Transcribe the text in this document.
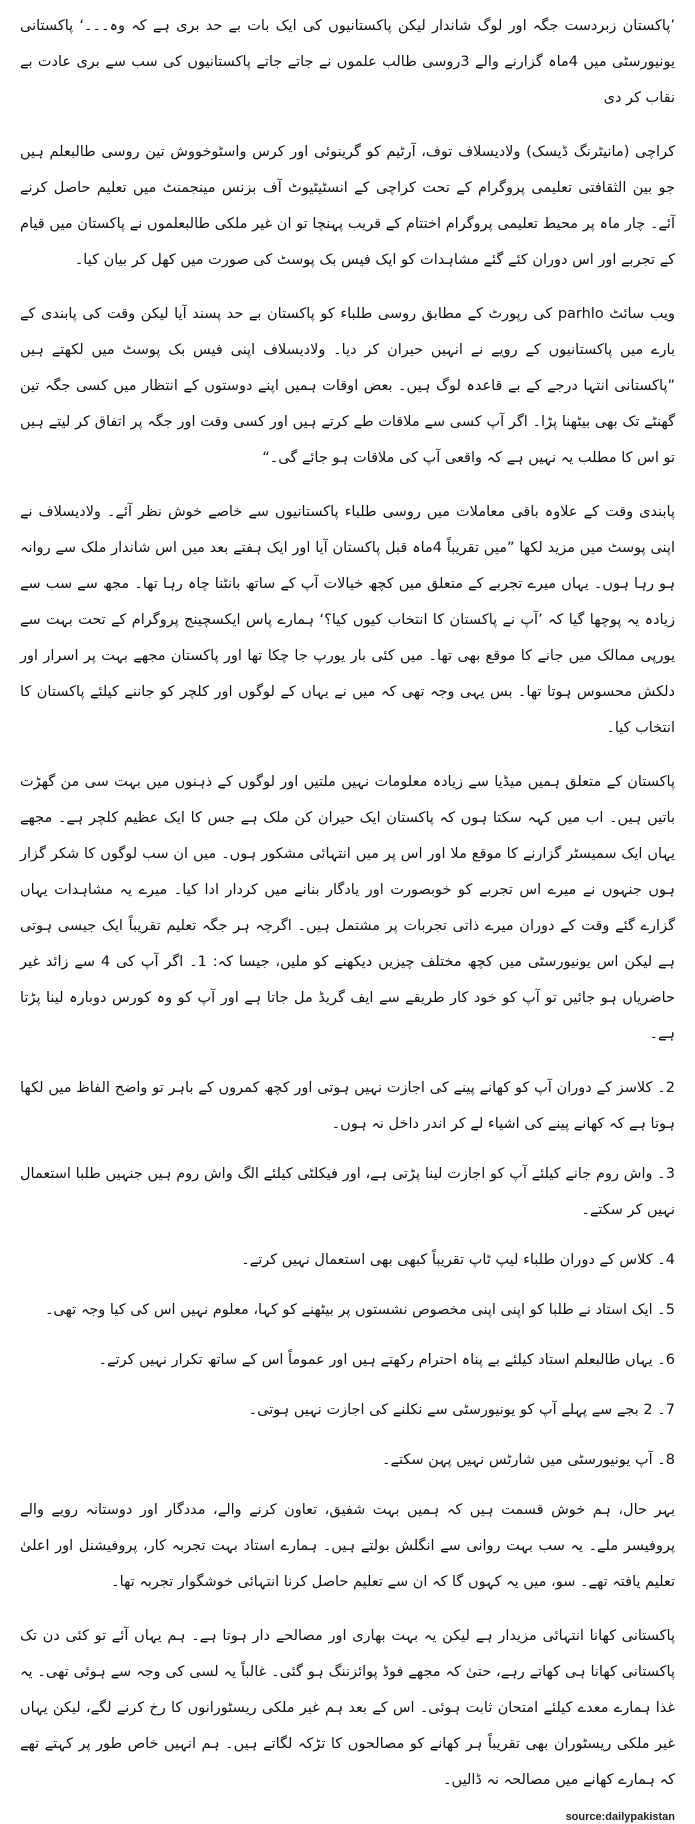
’پاکستان زبردست جگہ اور لوگ شاندار لیکن پاکستانیوں کی ایک بات بے حد بری ہے کہ وہ۔۔۔‘ پاکستانی یونیورسٹی میں 4ماہ گزارنے والے 3روسی طالب علموں نے جاتے جاتے پاکستانیوں کی سب سے بری عادت بے نقاب کر دی

کراچی (مانیٹرنگ ڈیسک) ولادیسلاف توف، آرٹیم کو گرینوئی اور کرس واسٹوخووش تین روسی طالبعلم ہیں جو بین الثقافتی تعلیمی پروگرام کے تحت کراچی کے انسٹیٹیوٹ آف بزنس مینجمنٹ میں تعلیم حاصل کرنے آئے۔ چار ماہ پر محیط تعلیمی پروگرام اختتام کے قریب پہنچا تو ان غیر ملکی طالبعلموں نے پاکستان میں قیام کے تجربے اور اس دوران کئے گئے مشاہدات کو ایک فیس بک پوسٹ کی صورت میں کھل کر بیان کیا۔

ویب سائٹ parhlo کی رپورٹ کے مطابق روسی طلباء کو پاکستان بے حد پسند آیا لیکن وقت کی پابندی کے بارے میں پاکستانیوں کے رویے نے انہیں حیران کر دیا۔ ولادیسلاف اپنی فیس بک پوسٹ میں لکھتے ہیں ”پاکستانی انتہا درجے کے بے قاعدہ لوگ ہیں۔ بعض اوقات ہمیں اپنے دوستوں کے انتظار میں کسی جگہ تین گھنٹے تک بھی بیٹھنا پڑا۔ اگر آپ کسی سے ملاقات طے کرتے ہیں اور کسی وقت اور جگہ پر اتفاق کر لیتے ہیں تو اس کا مطلب یہ نہیں ہے کہ واقعی آپ کی ملاقات ہو جائے گی۔“

پابندی وقت کے علاوہ باقی معاملات میں روسی طلباء پاکستانیوں سے خاصے خوش نظر آئے۔ ولادیسلاف نے اپنی پوسٹ میں مزید لکھا ”میں تقریباً 4ماہ قبل پاکستان آیا اور ایک ہفتے بعد میں اس شاندار ملک سے روانہ ہو رہا ہوں۔ یہاں میرے تجربے کے متعلق میں کچھ خیالات آپ کے ساتھ بانٹنا چاہ رہا تھا۔ مجھ سے سب سے زیادہ یہ پوچھا گیا کہ ’آپ نے پاکستان کا انتخاب کیوں کیا؟‘ ہمارے پاس ایکسچینج پروگرام کے تحت بہت سے یورپی ممالک میں جانے کا موقع بھی تھا۔ میں کئی بار یورپ جا چکا تھا اور پاکستان مجھے بہت پر اسرار اور دلکش محسوس ہوتا تھا۔ بس یہی وجہ تھی کہ میں نے یہاں کے لوگوں اور کلچر کو جاننے کیلئے پاکستان کا انتخاب کیا۔

پاکستان کے متعلق ہمیں میڈیا سے زیادہ معلومات نہیں ملتیں اور لوگوں کے ذہنوں میں بہت سی من گھڑت باتیں ہیں۔ اب میں کہہ سکتا ہوں کہ پاکستان ایک حیران کن ملک ہے جس کا ایک عظیم کلچر ہے۔ مجھے یہاں ایک سمیسٹر گزارنے کا موقع ملا اور اس پر میں انتہائی مشکور ہوں۔ میں ان سب لوگوں کا شکر گزار ہوں جنہوں نے میرے اس تجربے کو خوبصورت اور یادگار بنانے میں کردار ادا کیا۔ میرے یہ مشاہدات یہاں گزارے گئے وقت کے دوران میرے ذاتی تجربات پر مشتمل ہیں۔ اگرچہ ہر جگہ تعلیم تقریباً ایک جیسی ہوتی ہے لیکن اس یونیورسٹی میں کچھ مختلف چیزیں دیکھنے کو ملیں، جیسا کہ: 1۔ اگر آپ کی 4 سے زائد غیر حاضریاں ہو جائیں تو آپ کو خود کار طریقے سے ایف گریڈ مل جاتا ہے اور آپ کو وہ کورس دوبارہ لینا پڑتا ہے۔

2۔ کلاسز کے دوران آپ کو کھانے پینے کی اجازت نہیں ہوتی اور کچھ کمروں کے باہر تو واضح الفاظ میں لکھا ہوتا ہے کہ کھانے پینے کی اشیاء لے کر اندر داخل نہ ہوں۔

3۔ واش روم جانے کیلئے آپ کو اجازت لینا پڑتی ہے، اور فیکلٹی کیلئے الگ واش روم ہیں جنہیں طلبا استعمال نہیں کر سکتے۔

4۔ کلاس کے دوران طلباء لیپ ٹاپ تقریباً کبھی بھی استعمال نہیں کرتے۔

5۔ ایک استاد نے طلبا کو اپنی اپنی مخصوص نشستوں پر بیٹھنے کو کہا، معلوم نہیں اس کی کیا وجہ تھی۔

6۔ یہاں طالبعلم استاد کیلئے بے پناہ احترام رکھتے ہیں اور عموماً اس کے ساتھ تکرار نہیں کرتے۔

7۔ 2 بجے سے پہلے آپ کو یونیورسٹی سے نکلنے کی اجازت نہیں ہوتی۔

8۔ آپ یونیورسٹی میں شارٹس نہیں پہن سکتے۔

بہر حال، ہم خوش قسمت ہیں کہ ہمیں بہت شفیق، تعاون کرنے والے، مددگار اور دوستانہ رویے والے پروفیسر ملے۔ یہ سب بہت روانی سے انگلش بولتے ہیں۔ ہمارے استاد بہت تجربہ کار، پروفیشنل اور اعلیٰ تعلیم یافتہ تھے۔ سو، میں یہ کہوں گا کہ ان سے تعلیم حاصل کرنا انتہائی خوشگوار تجربہ تھا۔

پاکستانی کھانا انتہائی مزیدار ہے لیکن یہ بہت بھاری اور مصالحے دار ہوتا ہے۔ ہم یہاں آئے تو کئی دن تک پاکستانی کھانا ہی کھاتے رہے، حتیٰ کہ مجھے فوڈ پوائزننگ ہو گئی۔ غالباً یہ لسی کی وجہ سے ہوئی تھی۔ یہ غذا ہمارے معدے کیلئے امتحان ثابت ہوئی۔ اس کے بعد ہم غیر ملکی ریسٹورانوں کا رخ کرنے لگے، لیکن یہاں غیر ملکی ریسٹوران بھی تقریباً ہر کھانے کو مصالحوں کا تڑکہ لگاتے ہیں۔ ہم انہیں خاص طور پر کہتے تھے کہ ہمارے کھانے میں مصالحہ نہ ڈالیں۔

source:dailypakistan
